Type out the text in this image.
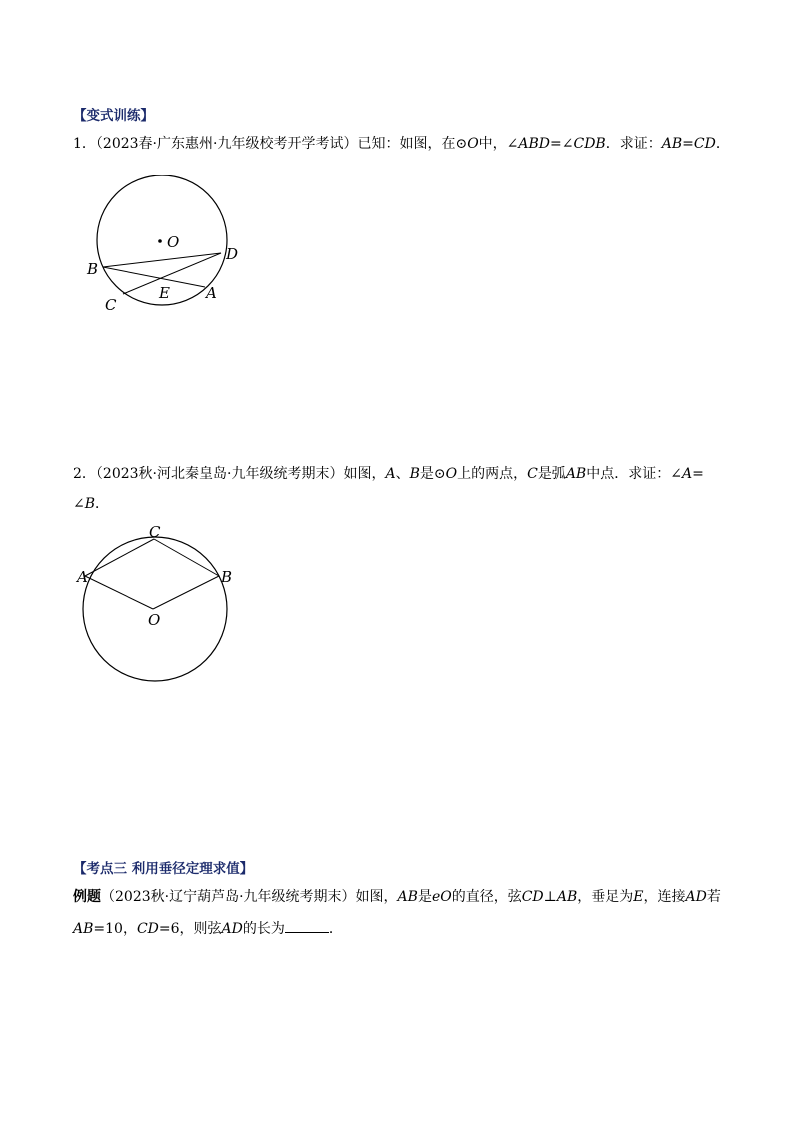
【变式训练】
1．（2023春·广东惠州·九年级校考开学考试）已知：如图，在⊙O中，∠ABD=∠CDB．求证：AB=CD．
O
B
D
C
E A
2．（2023秋·河北秦皇岛·九年级统考期末）如图，A、B是⊙O上的两点，C是弧AB中点．求证：∠A=
∠B．
C
A	B
O
【考点三 利用垂径定理求值】
例题（2023秋·辽宁葫芦岛·九年级统考期末）如图，AB是eO的直径，弦CD⊥AB，垂足为E，连接AD若
AB=10，CD=6，则弦AD的长为	．
